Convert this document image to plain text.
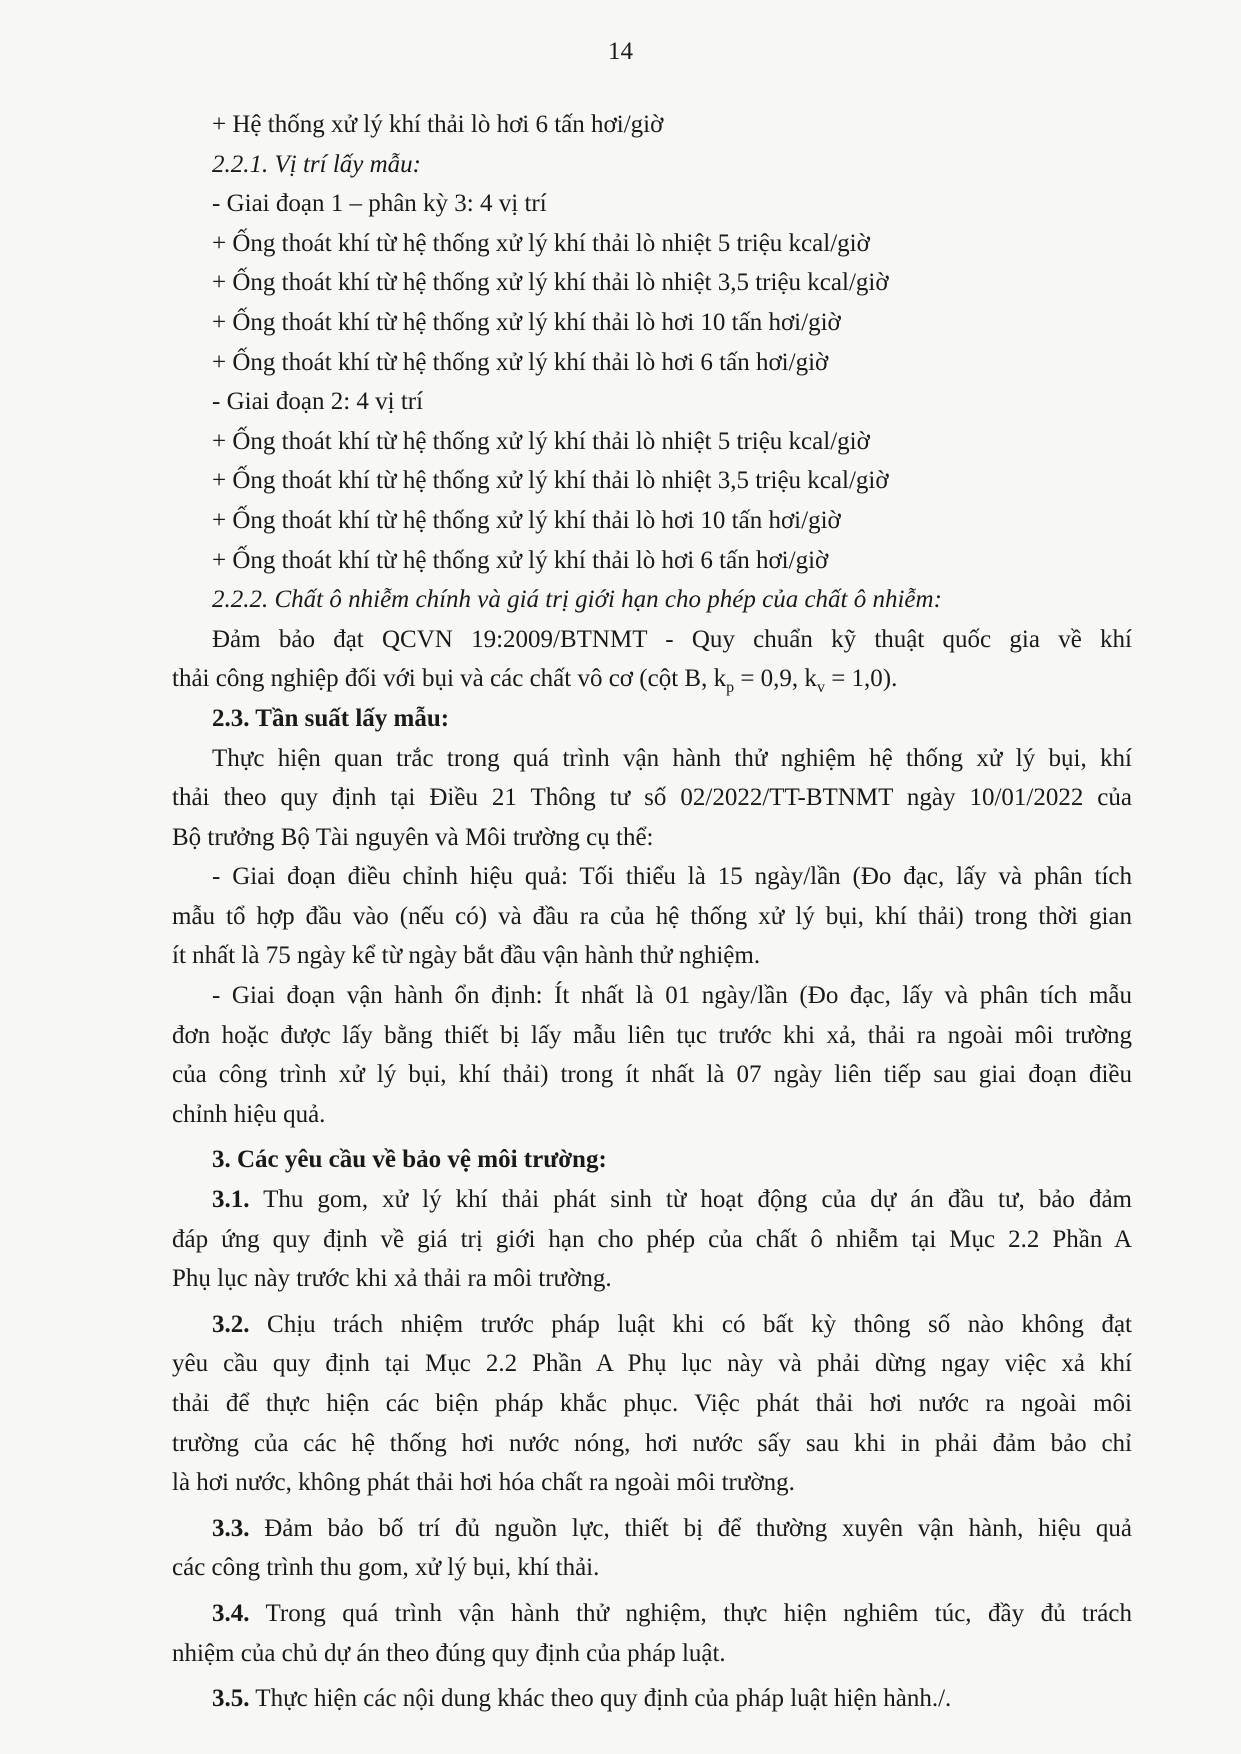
14
+ Hệ thống xử lý khí thải lò hơi 6 tấn hơi/giờ
2.2.1. Vị trí lấy mẫu:
- Giai đoạn 1 – phân kỳ 3: 4 vị trí
+ Ống thoát khí từ hệ thống xử lý khí thải lò nhiệt 5 triệu kcal/giờ
+ Ống thoát khí từ hệ thống xử lý khí thải lò nhiệt 3,5 triệu kcal/giờ
+ Ống thoát khí từ hệ thống xử lý khí thải lò hơi 10 tấn hơi/giờ
+ Ống thoát khí từ hệ thống xử lý khí thải lò hơi 6 tấn hơi/giờ
- Giai đoạn 2: 4 vị trí
+ Ống thoát khí từ hệ thống xử lý khí thải lò nhiệt 5 triệu kcal/giờ
+ Ống thoát khí từ hệ thống xử lý khí thải lò nhiệt 3,5 triệu kcal/giờ
+ Ống thoát khí từ hệ thống xử lý khí thải lò hơi 10 tấn hơi/giờ
+ Ống thoát khí từ hệ thống xử lý khí thải lò hơi 6 tấn hơi/giờ
2.2.2. Chất ô nhiễm chính và giá trị giới hạn cho phép của chất ô nhiễm:
Đảm bảo đạt QCVN 19:2009/BTNMT - Quy chuẩn kỹ thuật quốc gia về khí
thải công nghiệp đối với bụi và các chất vô cơ (cột B, $k_p = 0,9$, $k_v = 1,0$).
2.3. Tần suất lấy mẫu:
Thực hiện quan trắc trong quá trình vận hành thử nghiệm hệ thống xử lý bụi, khí
thải theo quy định tại Điều 21 Thông tư số 02/2022/TT-BTNMT ngày 10/01/2022 của
Bộ trưởng Bộ Tài nguyên và Môi trường cụ thể:
- Giai đoạn điều chỉnh hiệu quả: Tối thiểu là 15 ngày/lần (Đo đạc, lấy và phân tích
mẫu tổ hợp đầu vào (nếu có) và đầu ra của hệ thống xử lý bụi, khí thải) trong thời gian
ít nhất là 75 ngày kể từ ngày bắt đầu vận hành thử nghiệm.
- Giai đoạn vận hành ổn định: Ít nhất là 01 ngày/lần (Đo đạc, lấy và phân tích mẫu
đơn hoặc được lấy bằng thiết bị lấy mẫu liên tục trước khi xả, thải ra ngoài môi trường
của công trình xử lý bụi, khí thải) trong ít nhất là 07 ngày liên tiếp sau giai đoạn điều
chỉnh hiệu quả.
3. Các yêu cầu về bảo vệ môi trường:
3.1. Thu gom, xử lý khí thải phát sinh từ hoạt động của dự án đầu tư, bảo đảm
đáp ứng quy định về giá trị giới hạn cho phép của chất ô nhiễm tại Mục 2.2 Phần A
Phụ lục này trước khi xả thải ra môi trường.
3.2. Chịu trách nhiệm trước pháp luật khi có bất kỳ thông số nào không đạt
yêu cầu quy định tại Mục 2.2 Phần A Phụ lục này và phải dừng ngay việc xả khí
thải để thực hiện các biện pháp khắc phục. Việc phát thải hơi nước ra ngoài môi
trường của các hệ thống hơi nước nóng, hơi nước sấy sau khi in phải đảm bảo chỉ
là hơi nước, không phát thải hơi hóa chất ra ngoài môi trường.
3.3. Đảm bảo bố trí đủ nguồn lực, thiết bị để thường xuyên vận hành, hiệu quả
các công trình thu gom, xử lý bụi, khí thải.
3.4. Trong quá trình vận hành thử nghiệm, thực hiện nghiêm túc, đầy đủ trách
nhiệm của chủ dự án theo đúng quy định của pháp luật.
3.5. Thực hiện các nội dung khác theo quy định của pháp luật hiện hành./.
